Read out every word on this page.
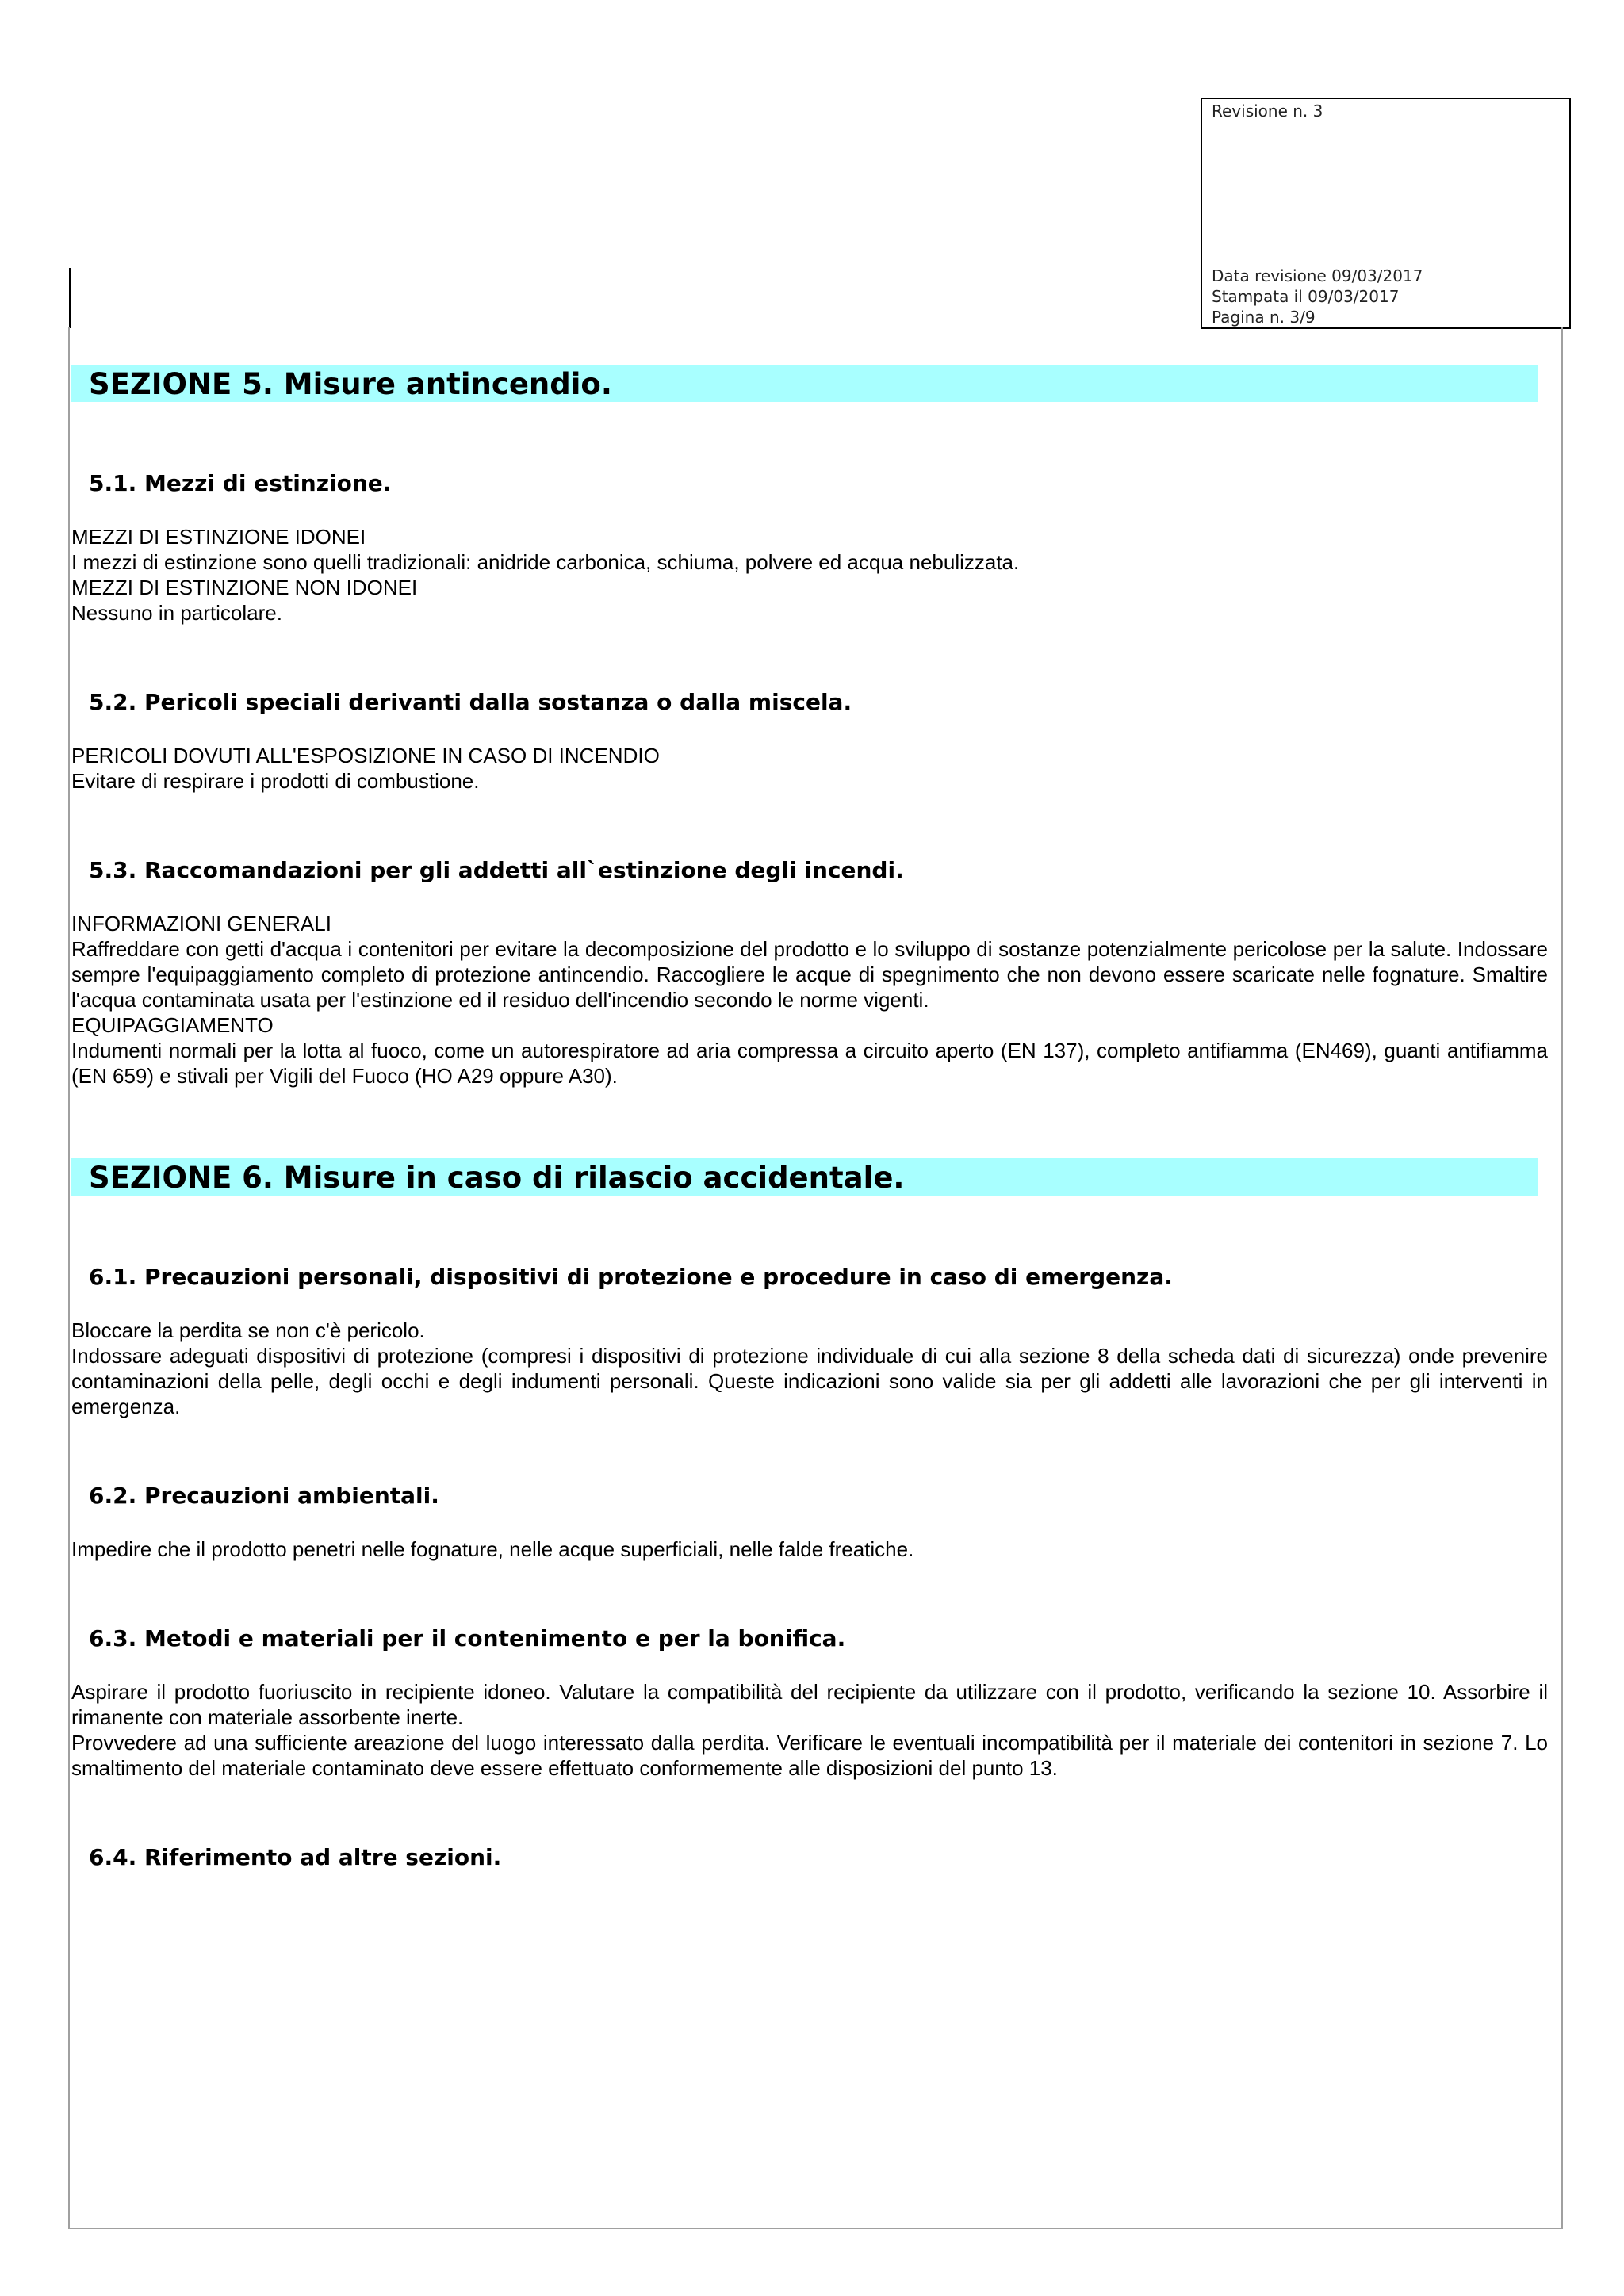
Revisione n. 3
Data revisione 09/03/2017
Stampata il 09/03/2017
Pagina n. 3/9
SEZIONE 5. Misure antincendio.
5.1. Mezzi di estinzione.

MEZZI DI ESTINZIONE IDONEI

I mezzi di estinzione sono quelli tradizionali: anidride carbonica, schiuma, polvere ed acqua nebulizzata.

MEZZI DI ESTINZIONE NON IDONEI

Nessuno in particolare.

5.2. Pericoli speciali derivanti dalla sostanza o dalla miscela.

PERICOLI DOVUTI ALL'ESPOSIZIONE IN CASO DI INCENDIO

Evitare di respirare i prodotti di combustione.

5.3. Raccomandazioni per gli addetti all`estinzione degli incendi.

INFORMAZIONI GENERALI

Raffreddare con getti d'acqua i contenitori per evitare la decomposizione del prodotto e lo sviluppo di sostanze potenzialmente pericolose per la salute. Indossare sempre l'equipaggiamento completo di protezione antincendio. Raccogliere le acque di spegnimento che non devono essere scaricate nelle fognature. Smaltire l'acqua contaminata usata per l'estinzione ed il residuo dell'incendio secondo le norme vigenti.

EQUIPAGGIAMENTO

Indumenti normali per la lotta al fuoco, come un autorespiratore ad aria compressa a circuito aperto (EN 137), completo antifiamma (EN469), guanti antifiamma (EN 659) e stivali per Vigili del Fuoco (HO A29 oppure A30).

SEZIONE 6. Misure in caso di rilascio accidentale.
6.1. Precauzioni personali, dispositivi di protezione e procedure in caso di emergenza.

Bloccare la perdita se non c'è pericolo.

Indossare adeguati dispositivi di protezione (compresi i dispositivi di protezione individuale di cui alla sezione 8 della scheda dati di sicurezza) onde prevenire contaminazioni della pelle, degli occhi e degli indumenti personali. Queste indicazioni sono valide sia per gli addetti alle lavorazioni che per gli interventi in emergenza.

6.2. Precauzioni ambientali.

Impedire che il prodotto penetri nelle fognature, nelle acque superficiali, nelle falde freatiche.

6.3. Metodi e materiali per il contenimento e per la bonifica.

Aspirare il prodotto fuoriuscito in recipiente idoneo. Valutare la compatibilità del recipiente da utilizzare con il prodotto, verificando la sezione 10. Assorbire il rimanente con materiale assorbente inerte.

Provvedere ad una sufficiente areazione del luogo interessato dalla perdita. Verificare le eventuali incompatibilità per il materiale dei contenitori in sezione 7. Lo smaltimento del materiale contaminato deve essere effettuato conformemente alle disposizioni del punto 13.

6.4. Riferimento ad altre sezioni.
